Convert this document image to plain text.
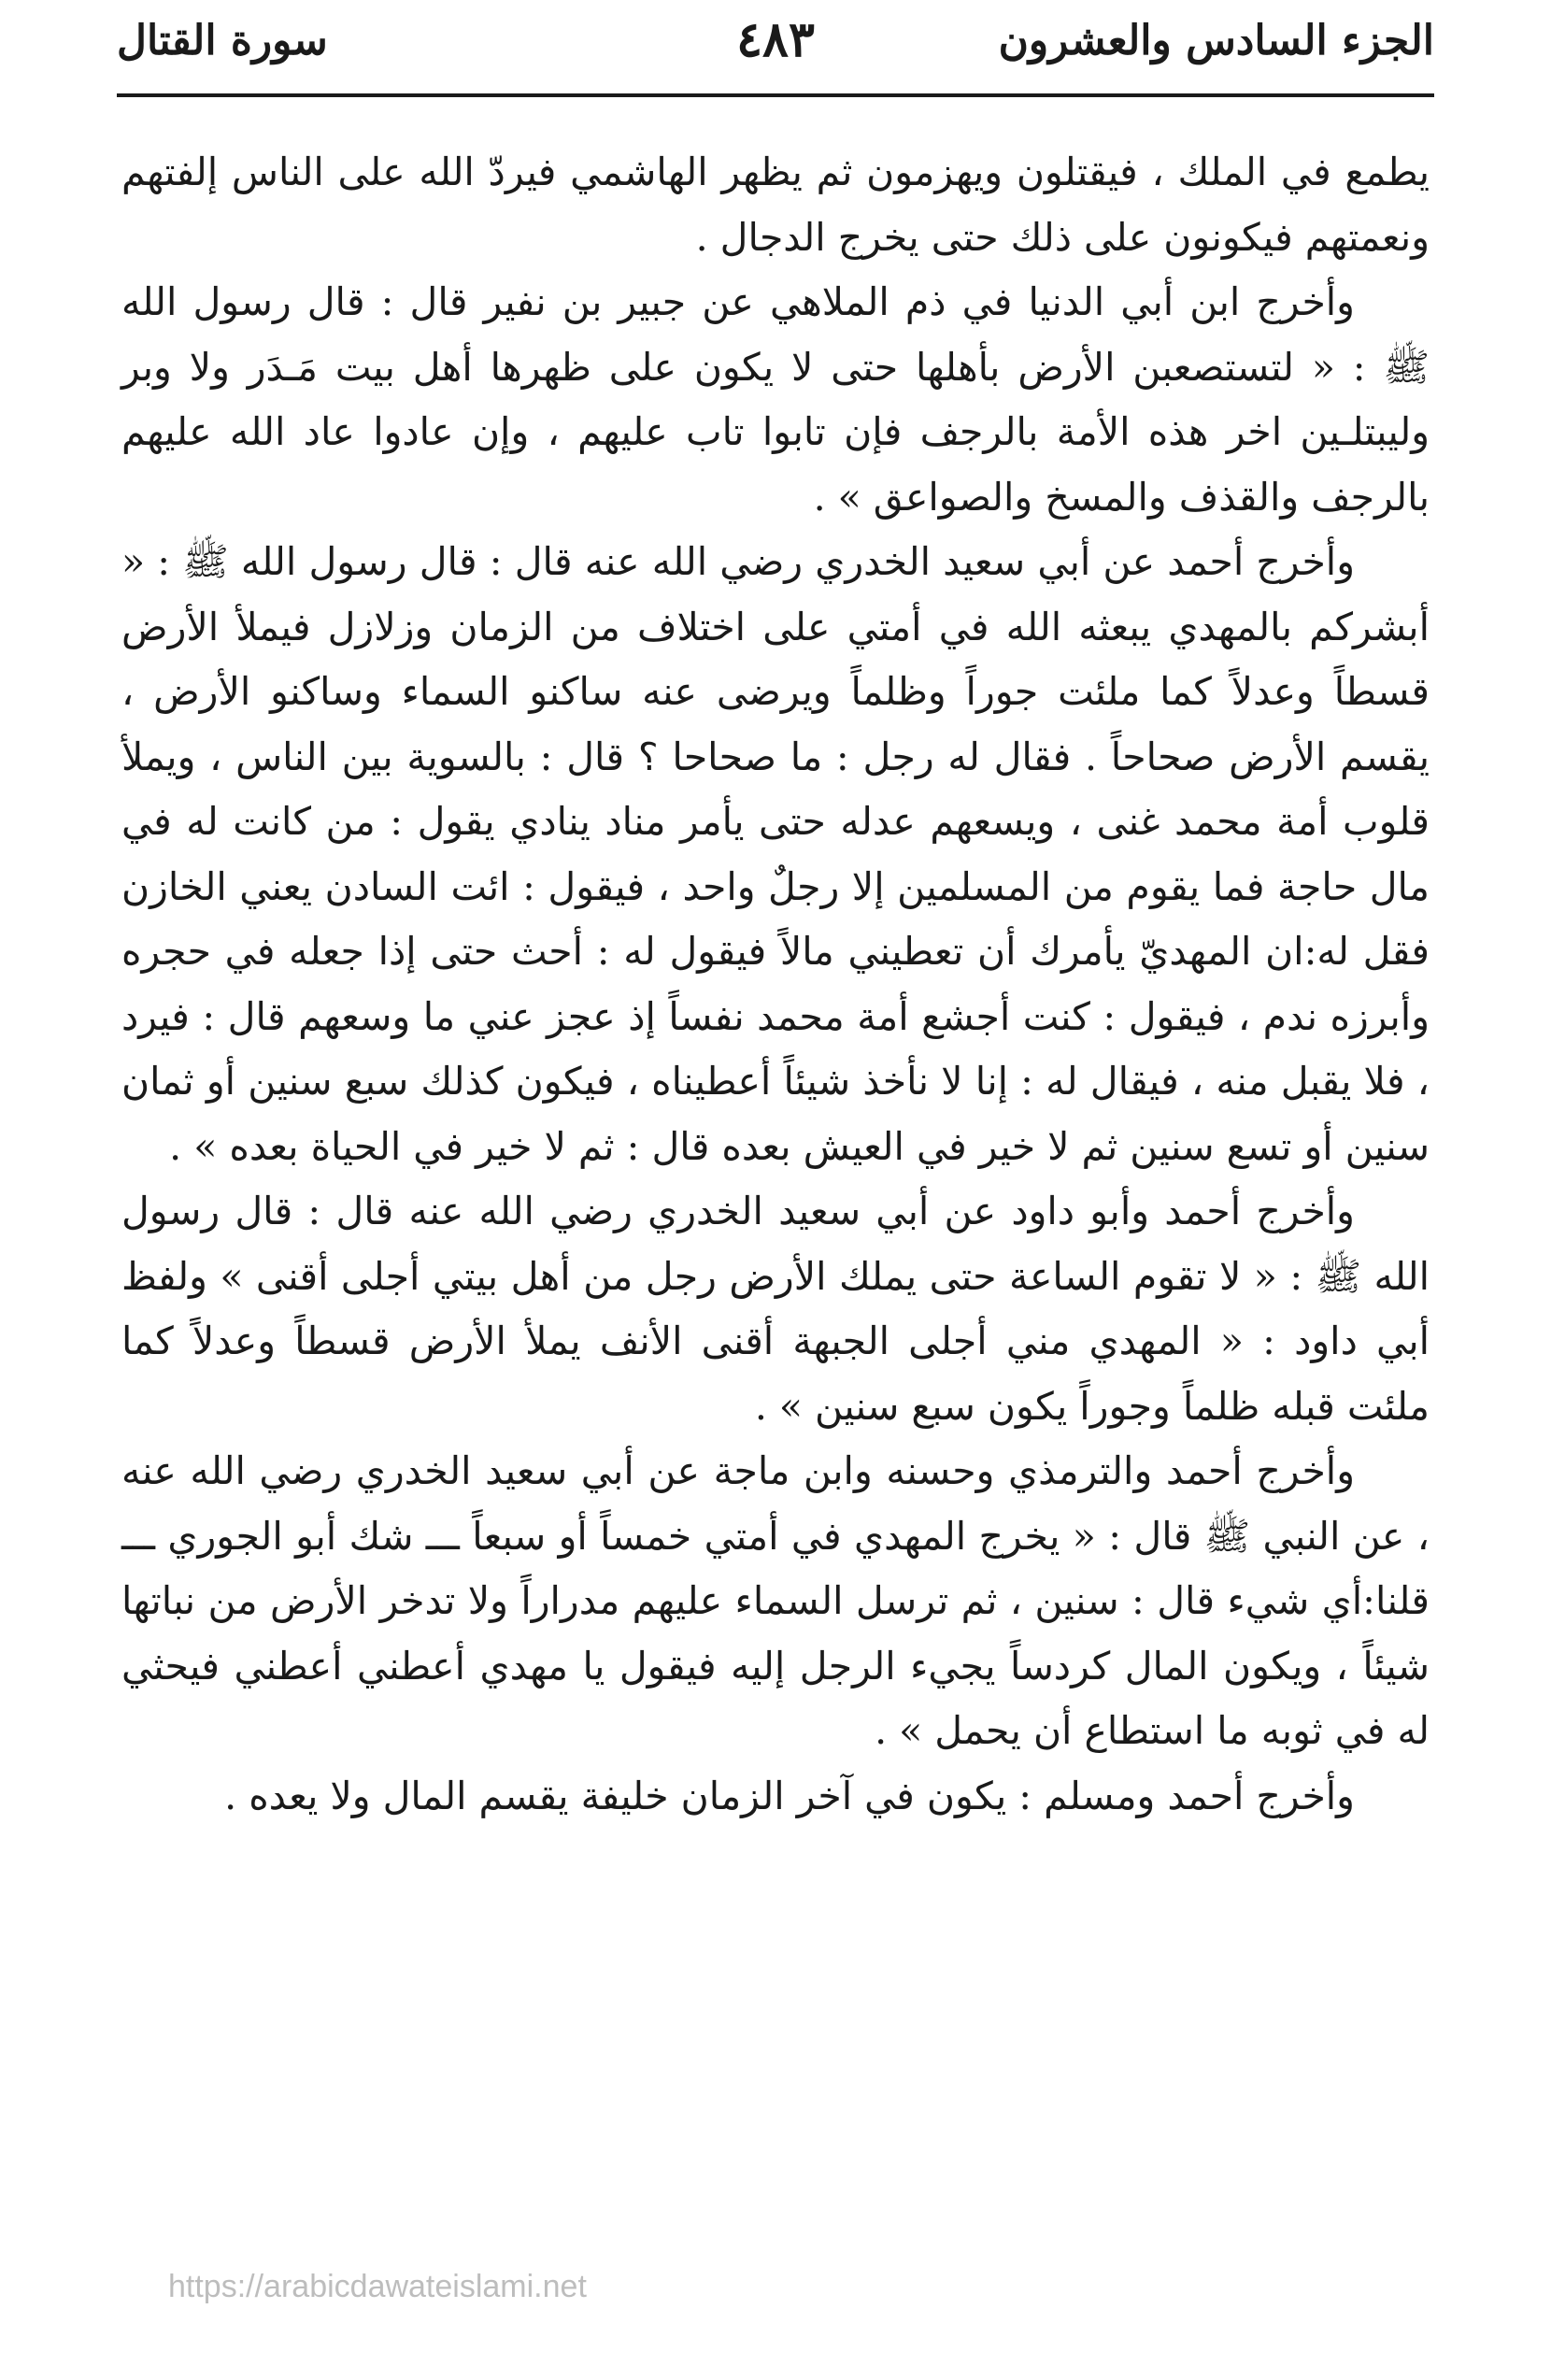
الجزء السادس والعشرون
٤٨٣
سورة القتال

يطمع في الملك ، فيقتلون ويهزمون ثم يظهر الهاشمي فيردّ الله على الناس إلفتهم ونعمتهم فيكونون على ذلك حتى يخرج الدجال .

وأخرج ابن أبي الدنيا في ذم الملاهي عن جبير بن نفير قال : قال رسول الله ﷺ : « لتستصعبن الأرض بأهلها حتى لا يكون على ظهرها أهل بيت مَـدَر ولا وبر وليبتلـين اخر هذه الأمة بالرجف فإن تابوا تاب عليهم ، وإن عادوا عاد الله عليهم بالرجف والقذف والمسخ والصواعق » .

وأخرج أحمد عن أبي سعيد الخدري رضي الله عنه قال : قال رسول الله ﷺ : « أبشركم بالمهدي يبعثه الله في أمتي على اختلاف من الزمان وزلازل فيملأ الأرض قسطاً وعدلاً كما ملئت جوراً وظلماً ويرضى عنه ساكنو السماء وساكنو الأرض ، يقسم الأرض صحاحاً . فقال له رجل : ما صحاحا ؟ قال : بالسوية بين الناس ، ويملأ قلوب أمة محمد غنى ، ويسعهم عدله حتى يأمر مناد ينادي يقول : من كانت له في مال حاجة فما يقوم من المسلمين إلا رجلٌ واحد ، فيقول : ائت السادن يعني الخازن فقل له:ان المهديّ يأمرك أن تعطيني مالاً فيقول له : أحث حتى إذا جعله في حجره وأبرزه ندم ، فيقول : كنت أجشع أمة محمد نفساً إذ عجز عني ما وسعهم قال : فيرد ، فلا يقبل منه ، فيقال له : إنا لا نأخذ شيئاً أعطيناه ، فيكون كذلك سبع سنين أو ثمان سنين أو تسع سنين ثم لا خير في العيش بعده قال : ثم لا خير في الحياة بعده » .

وأخرج أحمد وأبو داود عن أبي سعيد الخدري رضي الله عنه قال : قال رسول الله ﷺ : « لا تقوم الساعة حتى يملك الأرض رجل من أهل بيتي أجلى أقنى » ولفظ أبي داود : « المهدي مني أجلى الجبهة أقنى الأنف يملأ الأرض قسطاً وعدلاً كما ملئت قبله ظلماً وجوراً يكون سبع سنين » .

وأخرج أحمد والترمذي وحسنه وابن ماجة عن أبي سعيد الخدري رضي الله عنه ، عن النبي ﷺ قال : « يخرج المهدي في أمتي خمساً أو سبعاً ـــ شك أبو الجوري ـــ قلنا:أي شيء قال : سنين ، ثم ترسل السماء عليهم مدراراً ولا تدخر الأرض من نباتها شيئاً ، ويكون المال كردساً يجيء الرجل إليه فيقول يا مهدي أعطني أعطني فيحثي له في ثوبه ما استطاع أن يحمل » .

وأخرج أحمد ومسلم : يكون في آخر الزمان خليفة يقسم المال ولا يعده .

https://arabicdawateislami.net
